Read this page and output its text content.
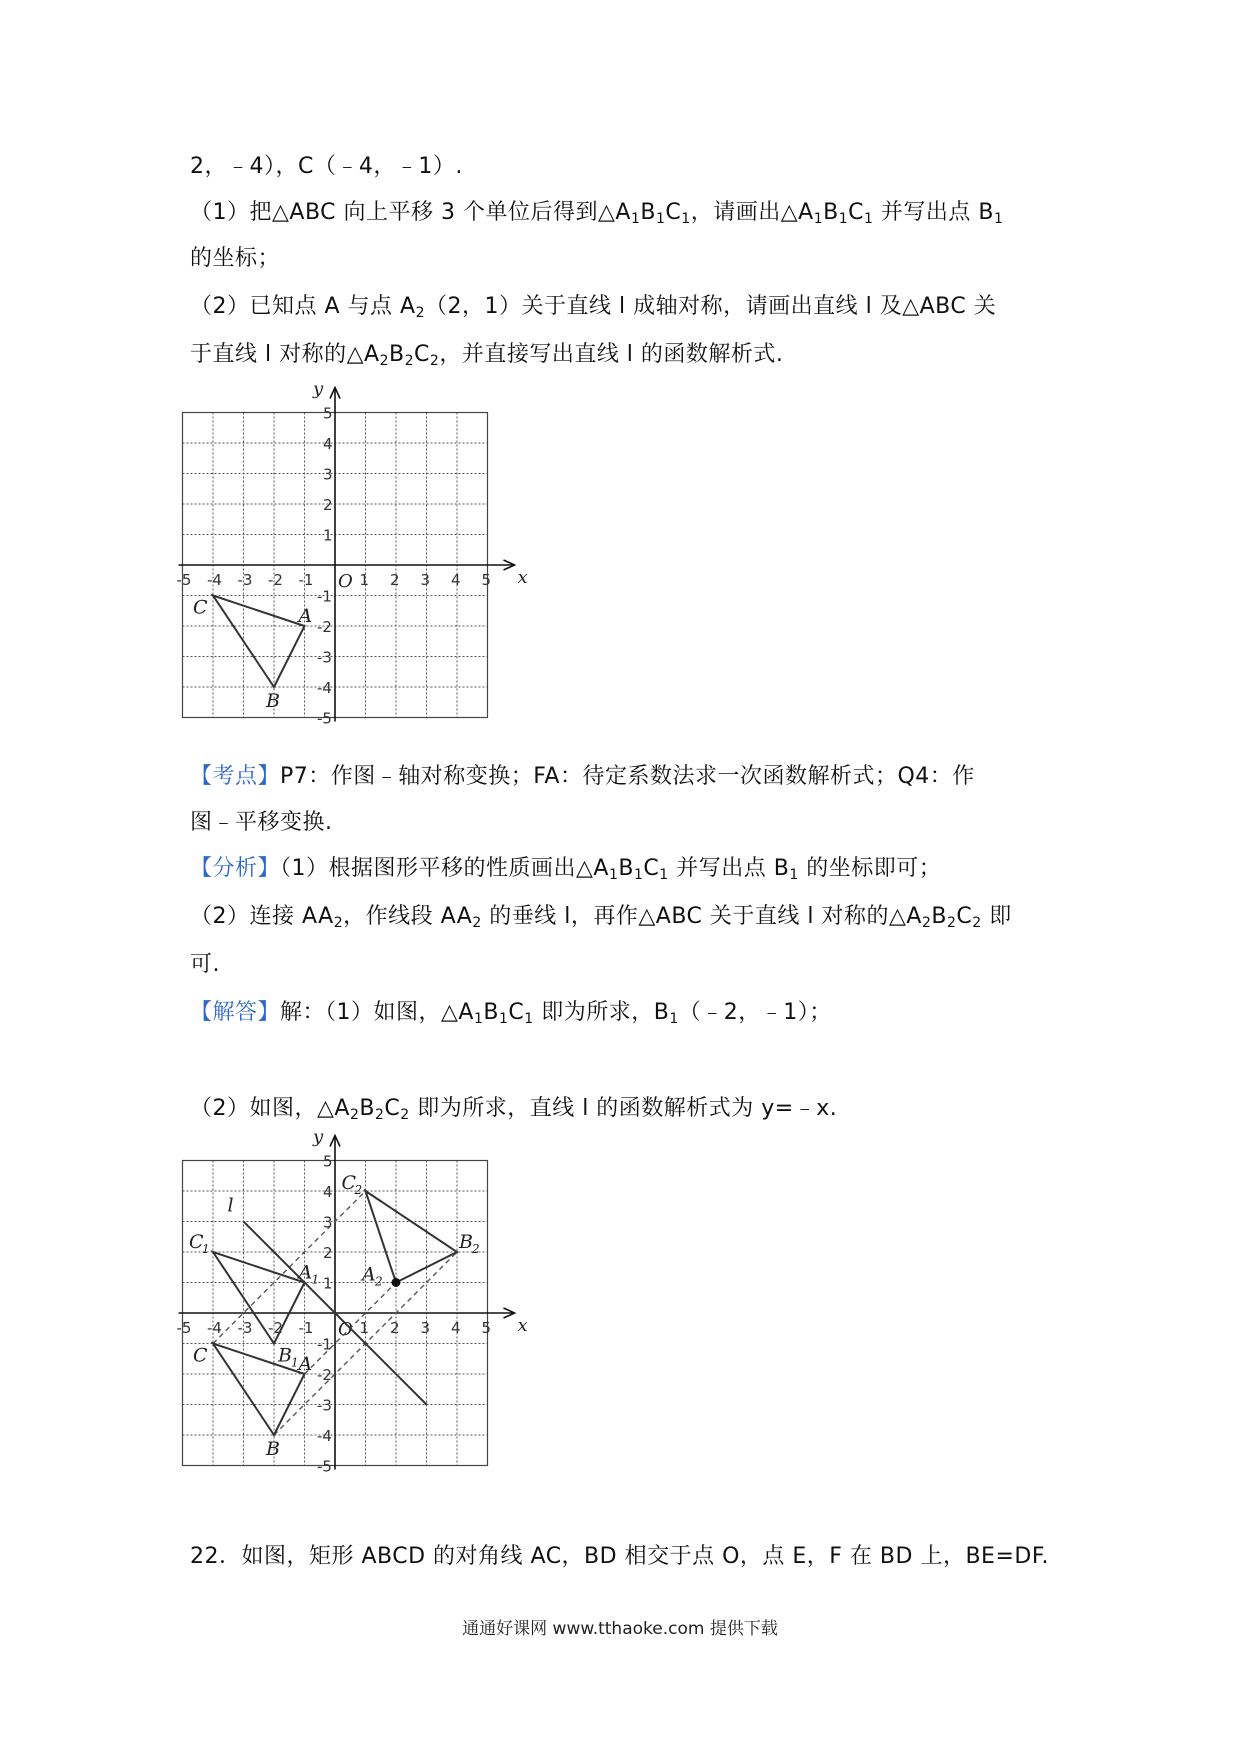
2，﹣4），C（﹣4，﹣1）.
（1）把△ABC 向上平移 3 个单位后得到$\triangle A_1B_1C_1$，请画出$\triangle A_1B_1C_1$ 并写出点 $B_1$
的坐标；
（2）已知点 A 与点 $A_2(2$，1）关于直线 l 成轴对称，请画出直线 l 及△ABC 关
于直线 l 对称的$\triangle A_2B_2C_2$，并直接写出直线 l 的函数解析式.
x
y
O
-5 -4 -3 -2 -1	1 2 3 4 5
5
4
3
2
1
-1
-2
-3
-4
-5
A
B
C
【考点】P7：作图﹣轴对称变换；FA：待定系数法求一次函数解析式；Q4：作
图﹣平移变换.
【分析】（1）根据图形平移的性质画出$\triangle A_1B_1C_1$ 并写出点 $B_1$ 的坐标即可；
（2）连接 $AA_2$，作线段 $AA_2$ 的垂线 l，再作△ABC 关于直线 l 对称的$\triangle A_2B_2C_2$ 即
可.
【解答】解：（1）如图，$\triangle A_1B_1C_1$ 即为所求，$B_1(﹣2$，﹣1）；
（2）如图，$\triangle A_2B_2C_2$ 即为所求，直线 l 的函数解析式为 y=﹣x.
x
y
O
-5 -4 -3 -2 -1	1 2 3 4 5
5
4
3
2
1
-1
-2
-3
-4
-5
l
A
B
C
A 1
B 1
C
1
A 2
B 2
C
2
22．如图，矩形 ABCD 的对角线 AC，BD 相交于点 O，点 E，F 在 BD 上，BE=DF.
通通好课网 www.tthaoke.com 提供下载
